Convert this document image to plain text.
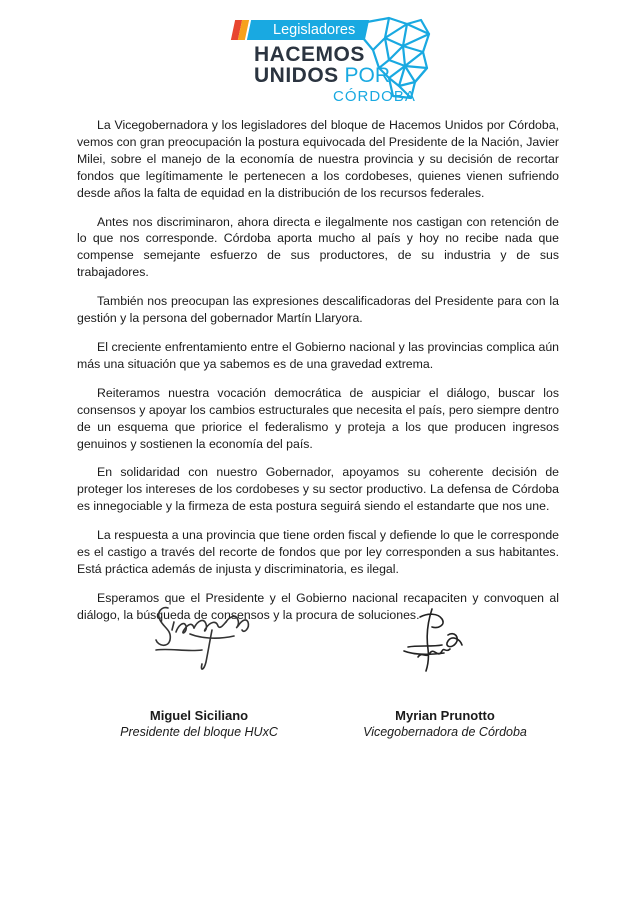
Legisladores
HACEMOS
UNIDOS POR
CÓRDOBA

La Vicegobernadora y los legisladores del bloque de Hacemos Unidos por Córdoba, vemos con gran preocupación la postura equivocada del Presidente de la Nación, Javier Milei, sobre el manejo de la economía de nuestra provincia y su decisión de recortar fondos que legítimamente le pertenecen a los cordobeses, quienes vienen sufriendo desde años la falta de equidad en la distribución de los recursos federales.

Antes nos discriminaron, ahora directa e ilegalmente nos castigan con retención de lo que nos corresponde. Córdoba aporta mucho al país y hoy no recibe nada que compense semejante esfuerzo de sus productores, de su industria y de sus trabajadores.

También nos preocupan las expresiones descalificadoras del Presidente para con la gestión y la persona del gobernador Martín Llaryora.

El creciente enfrentamiento entre el Gobierno nacional y las provincias complica aún más una situación que ya sabemos es de una gravedad extrema.

Reiteramos nuestra vocación democrática de auspiciar el diálogo, buscar los consensos y apoyar los cambios estructurales que necesita el país, pero siempre dentro de un esquema que priorice el federalismo y proteja a los que producen ingresos genuinos y sostienen la economía del país.

En solidaridad con nuestro Gobernador, apoyamos su coherente decisión de proteger los intereses de los cordobeses y su sector productivo. La defensa de Córdoba es innegociable y la firmeza de esta postura seguirá siendo el estandarte que nos une.

La respuesta a una provincia que tiene orden fiscal y defiende lo que le corresponde es el castigo a través del recorte de fondos que por ley corresponden a sus habitantes. Está práctica además de injusta y discriminatoria, es ilegal.

Esperamos que el Presidente y el Gobierno nacional recapaciten y convoquen al diálogo, la búsqueda de consensos y la procura de soluciones.

Miguel Siciliano
Presidente del bloque HUxC
Myrian Prunotto
Vicegobernadora de Córdoba
